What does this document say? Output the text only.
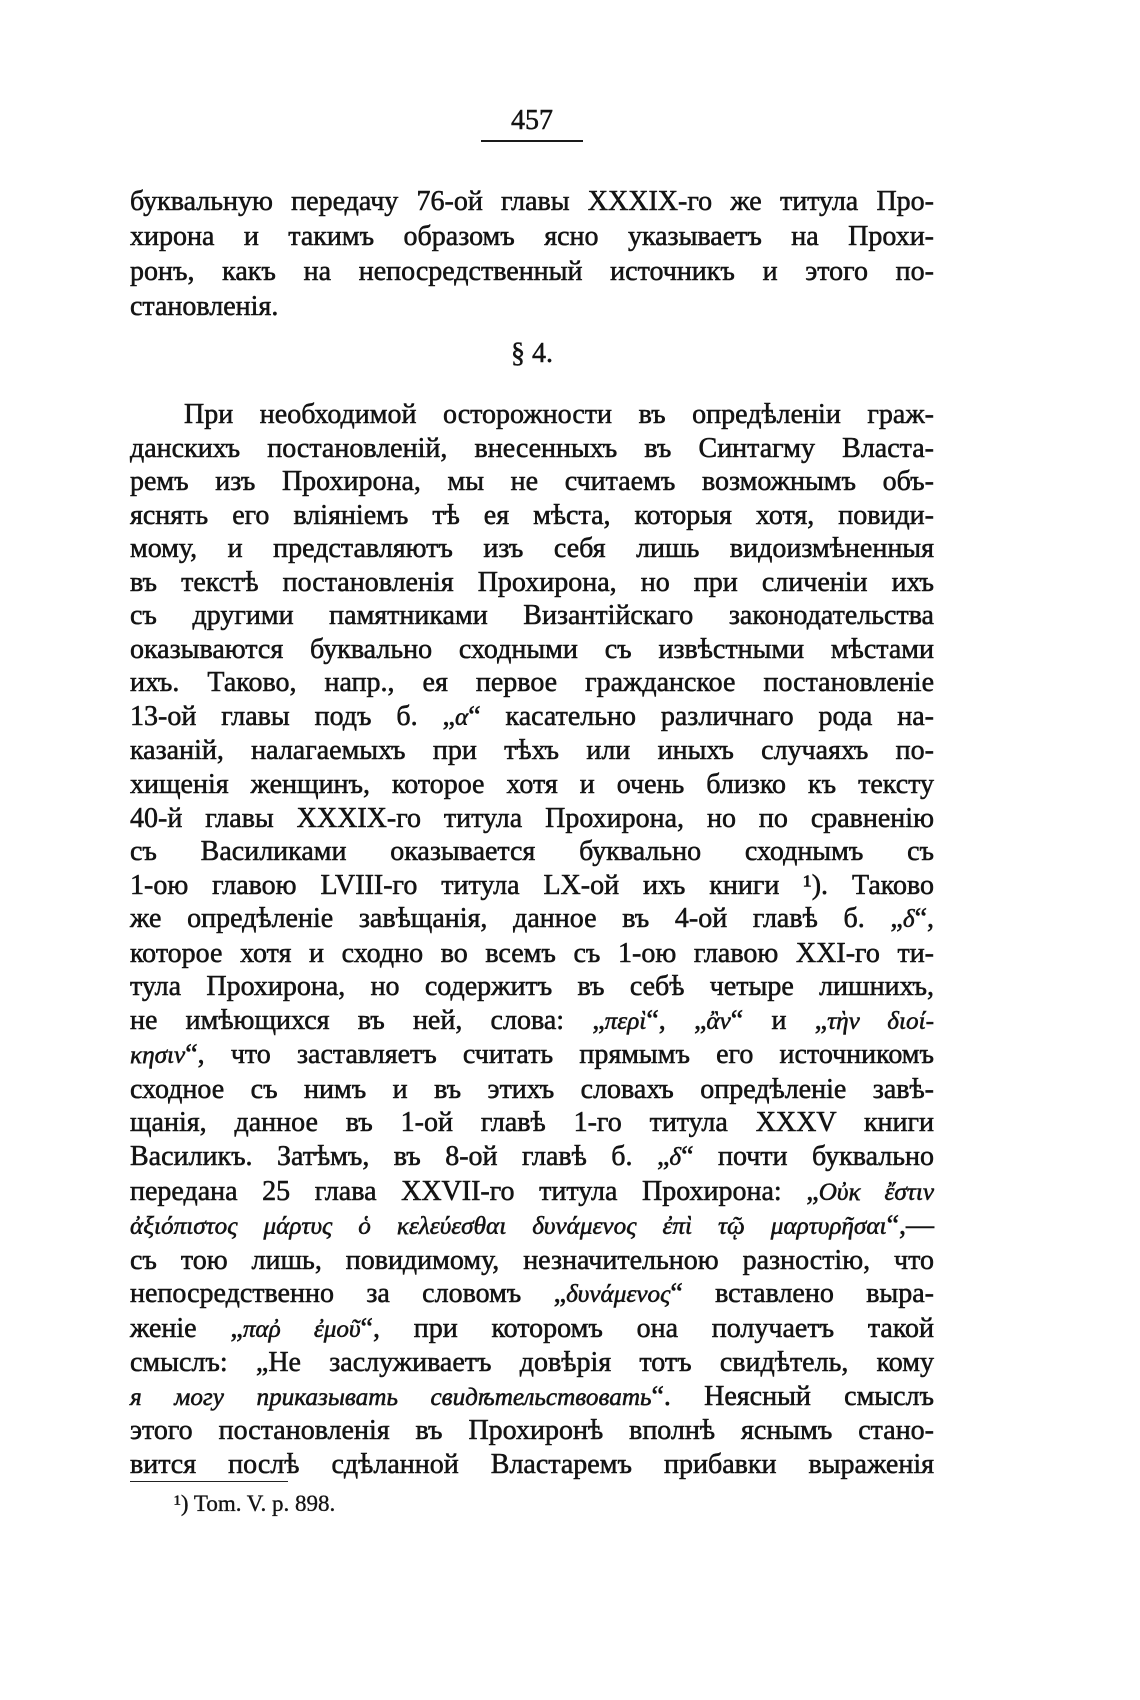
457
буквальную передачу 76-ой главы XXXIX-го же титула Про-
хирона и такимъ образомъ ясно указываетъ на Прохи-
ронъ, какъ на непосредственный источникъ и этого по-
становленія.
§ 4.
При необходимой осторожности въ опредѣленіи граж-
данскихъ постановленій, внесенныхъ въ Синтагму Власта-
ремъ изъ Прохирона, мы не считаемъ возможнымъ объ-
яснять его вліяніемъ тѣ ея мѣста, которыя хотя, повиди-
мому, и представляютъ изъ себя лишь видоизмѣненныя
въ текстѣ постановленія Прохирона, но при сличеніи ихъ
съ другими памятниками Византійскаго законодательства
оказываются буквально сходными съ извѣстными мѣстами
ихъ. Таково, напр., ея первое гражданское постановленіе
13-ой главы подъ б. „α“ касательно различнаго рода на-
казаній, налагаемыхъ при тѣхъ или иныхъ случаяхъ по-
хищенія женщинъ, которое хотя и очень близко къ тексту
40-й главы XXXIX-го титула Прохирона, но по сравненію
съ Василиками оказывается буквально сходнымъ съ
1-ою главою LVIII-го титула LX-ой ихъ книги ¹). Таково
же опредѣленіе завѣщанія, данное въ 4-ой главѣ б. „δ“,
которое хотя и сходно во всемъ съ 1-ою главою XXI-го ти-
тула Прохирона, но содержитъ въ себѣ четыре лишнихъ,
не имѣющихся въ ней, слова: „περὶ“, „ἂν“ и „τὴν διοί-
κησιν“, что заставляетъ считать прямымъ его источникомъ
сходное съ нимъ и въ этихъ словахъ опредѣленіе завѣ-
щанія, данное въ 1-ой главѣ 1-го титула XXXV книги
Василикъ. Затѣмъ, въ 8-ой главѣ б. „δ“ почти буквально
передана 25 глава XXVII-го титула Прохирона: „Οὐκ ἔστιν
ἀξιόπιστος μάρτυς ὁ κελεύεσθαι δυνάμενος ἐπὶ τῷ μαρτυρῆσαι“,—
съ тою лишь, повидимому, незначительною разностію, что
непосредственно за словомъ „δυνάμενος“ вставлено выра-
женіе „παῤ ἐμοῦ“, при которомъ она получаетъ такой
смыслъ: „Не заслуживаетъ довѣрія тотъ свидѣтель, кому
я могу приказывать свидѣтельствовать“. Неясный смыслъ
этого постановленія въ Прохиронѣ вполнѣ яснымъ стано-
вится послѣ сдѣланной Властаремъ прибавки выраженія
¹) Tom. V. p. 898.
